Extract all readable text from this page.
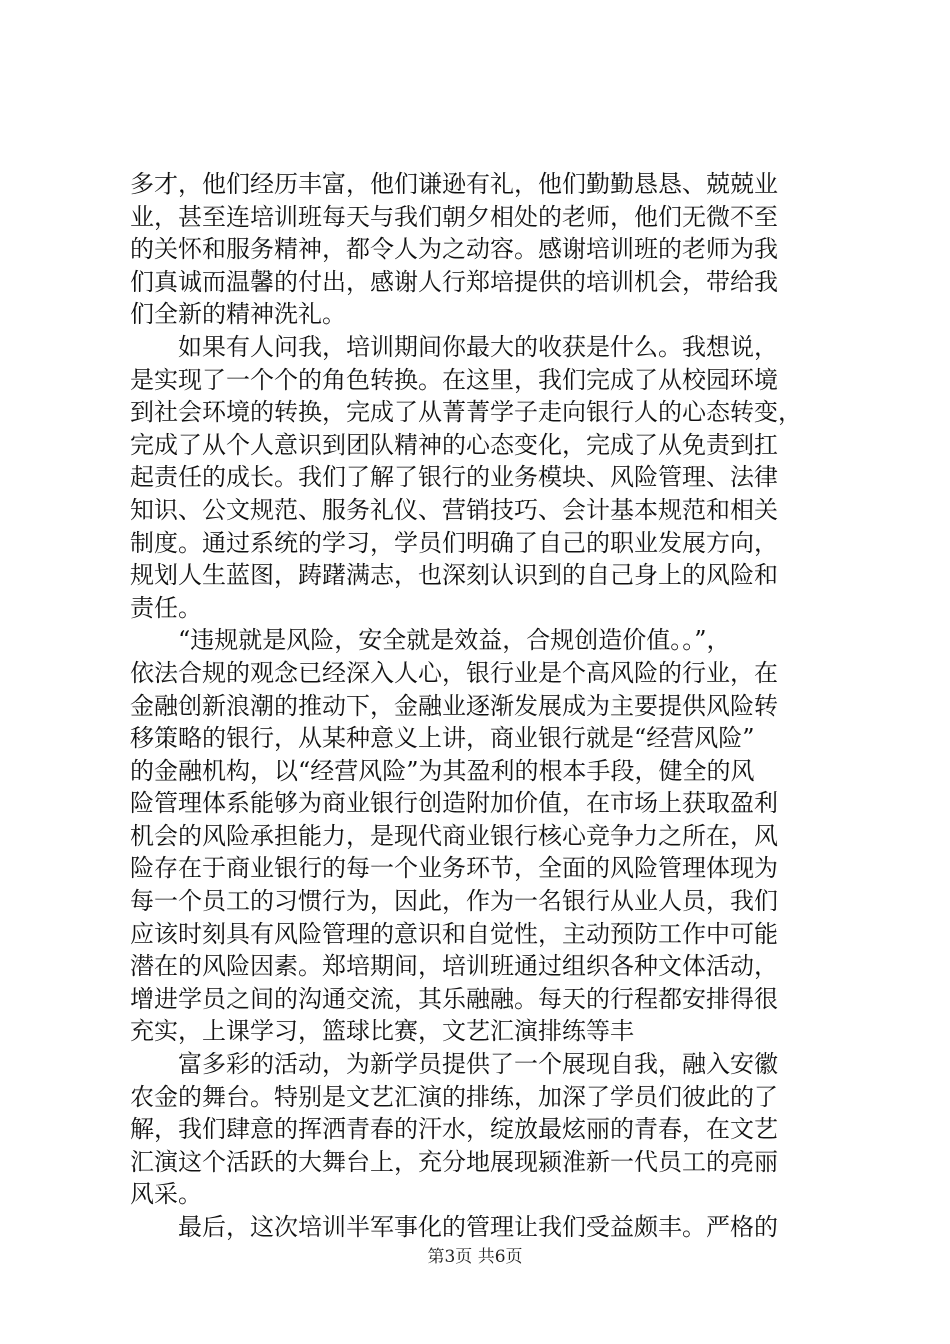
多才，他们经历丰富，他们谦逊有礼，他们勤勤恳恳、兢兢业
业，甚至连培训班每天与我们朝夕相处的老师，他们无微不至
的关怀和服务精神，都令人为之动容。感谢培训班的老师为我
们真诚而温馨的付出，感谢人行郑培提供的培训机会，带给我
们全新的精神洗礼。
　　如果有人问我，培训期间你最大的收获是什么。我想说，
是实现了一个个的角色转换。在这里，我们完成了从校园环境
到社会环境的转换，完成了从菁菁学子走向银行人的心态转变，
完成了从个人意识到团队精神的心态变化，完成了从免责到扛
起责任的成长。我们了解了银行的业务模块、风险管理、法律
知识、公文规范、服务礼仪、营销技巧、会计基本规范和相关
制度。通过系统的学习，学员们明确了自己的职业发展方向，
规划人生蓝图，踌躇满志，也深刻认识到的自己身上的风险和
责任。
　　“违规就是风险，安全就是效益，合规创造价值。。”，
依法合规的观念已经深入人心，银行业是个高风险的行业，在
金融创新浪潮的推动下，金融业逐渐发展成为主要提供风险转
移策略的银行，从某种意义上讲，商业银行就是“经营风险”
的金融机构，以“经营风险”为其盈利的根本手段，健全的风
险管理体系能够为商业银行创造附加价值，在市场上获取盈利
机会的风险承担能力，是现代商业银行核心竞争力之所在，风
险存在于商业银行的每一个业务环节，全面的风险管理体现为
每一个员工的习惯行为，因此，作为一名银行从业人员，我们
应该时刻具有风险管理的意识和自觉性，主动预防工作中可能
潜在的风险因素。郑培期间，培训班通过组织各种文体活动，
增进学员之间的沟通交流，其乐融融。每天的行程都安排得很
充实，上课学习，篮球比赛，文艺汇演排练等丰
　　富多彩的活动，为新学员提供了一个展现自我，融入安徽
农金的舞台。特别是文艺汇演的排练，加深了学员们彼此的了
解，我们肆意的挥洒青春的汗水，绽放最炫丽的青春，在文艺
汇演这个活跃的大舞台上，充分地展现颍淮新一代员工的亮丽
风采。
　　最后，这次培训半军事化的管理让我们受益颇丰。严格的
第3页 共6页
